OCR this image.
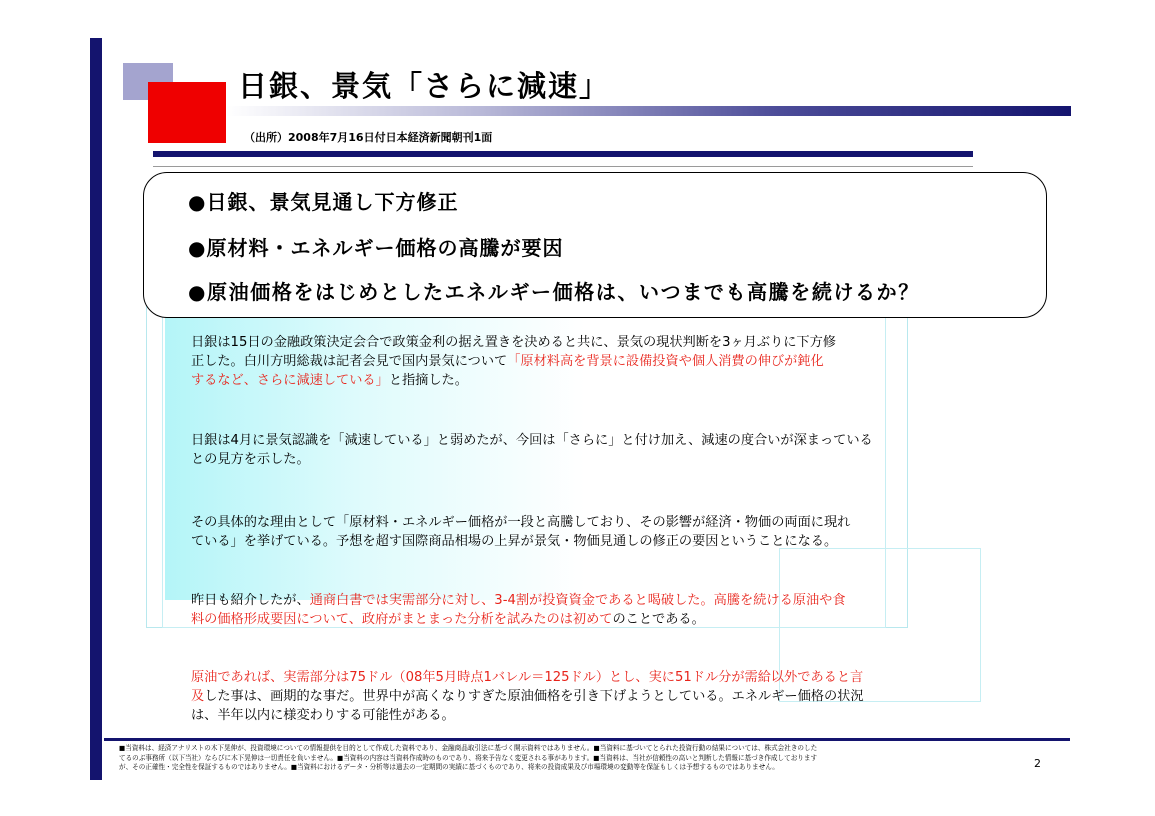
日銀、景気「さらに減速」
（出所）2008年7月16日付日本経済新聞朝刊1面
●日銀、景気見通し下方修正
●原材料・エネルギー価格の高騰が要因
●原油価格をはじめとしたエネルギー価格は、いつまでも高騰を続けるか？
日銀は15日の金融政策決定会合で政策金利の据え置きを決めると共に、景気の現状判断を3ヶ月ぶりに下方修
正した。白川方明総裁は記者会見で国内景気について「原材料高を背景に設備投資や個人消費の伸びが鈍化
するなど、さらに減速している」と指摘した。
日銀は4月に景気認識を「減速している」と弱めたが、今回は「さらに」と付け加え、減速の度合いが深まっている
との見方を示した。
その具体的な理由として「原材料・エネルギー価格が一段と高騰しており、その影響が経済・物価の両面に現れ
ている」を挙げている。予想を超す国際商品相場の上昇が景気・物価見通しの修正の要因ということになる。
昨日も紹介したが、通商白書では実需部分に対し、3-4割が投資資金であると喝破した。高騰を続ける原油や食
料の価格形成要因について、政府がまとまった分析を試みたのは初めてのことである。
原油であれば、実需部分は75ドル（08年5月時点1バレル＝125ドル）とし、実に51ドル分が需給以外であると言
及した事は、画期的な事だ。世界中が高くなりすぎた原油価格を引き下げようとしている。エネルギー価格の状況
は、半年以内に様変わりする可能性がある。
■当資料は、経済アナリストの木下晃伸が、投資環境についての情報提供を目的として作成した資料であり、金融商品取引法に基づく開示資料ではありません。■当資料に基づいてとられた投資行動の結果については、株式会社きのした
てるのぶ事務所（以下当社）ならびに木下晃伸は一切責任を負いません。■当資料の内容は当資料作成時のものであり、将来予告なく変更される事があります。■当資料は、当社が信頼性の高いと判断した情報に基づき作成しております
が、その正確性・完全性を保証するものではありません。■当資料におけるデータ・分析等は過去の一定期間の実績に基づくものであり、将来の投資成果及び市場環境の変動等を保証もしくは予想するものではありません。	2
